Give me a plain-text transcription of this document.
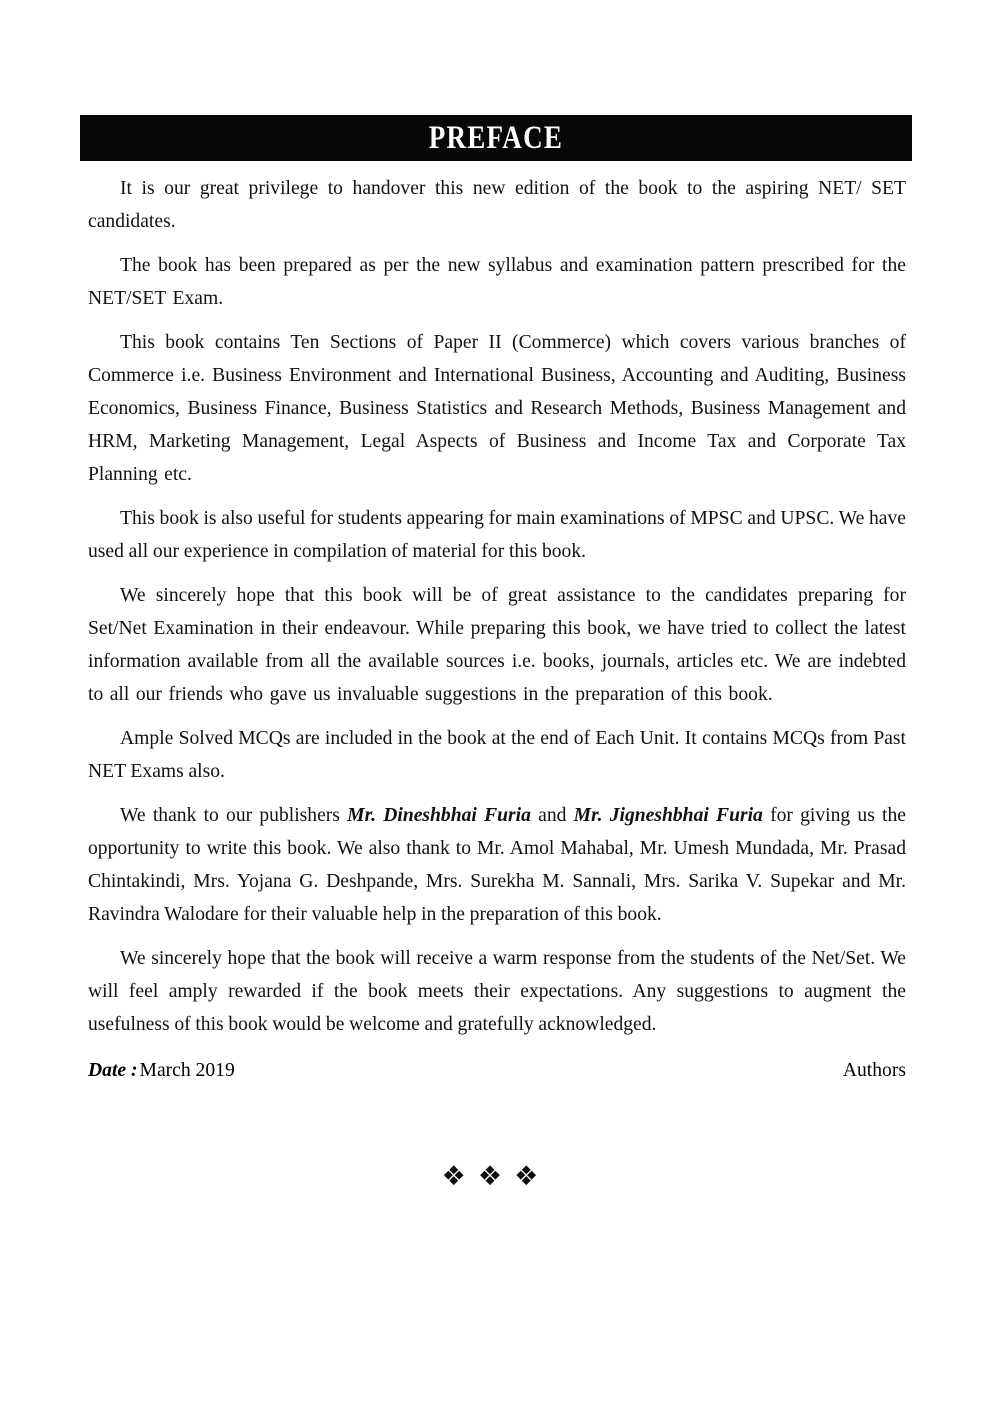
PREFACE

It is our great privilege to handover this new edition of the book to the aspiring NET/ SET candidates.

The book has been prepared as per the new syllabus and examination pattern prescribed for the NET/SET Exam.

This book contains Ten Sections of Paper II (Commerce) which covers various branches of Commerce i.e. Business Environment and International Business, Accounting and Auditing, Business Economics, Business Finance, Business Statistics and Research Methods, Business Management and HRM, Marketing Management, Legal Aspects of Business and Income Tax and Corporate Tax Planning etc.

This book is also useful for students appearing for main examinations of MPSC and UPSC. We have used all our experience in compilation of material for this book.

We sincerely hope that this book will be of great assistance to the candidates preparing for Set/Net Examination in their endeavour. While preparing this book, we have tried to collect the latest information available from all the available sources i.e. books, journals, articles etc. We are indebted to all our friends who gave us invaluable suggestions in the preparation of this book.

Ample Solved MCQs are included in the book at the end of Each Unit. It contains MCQs from Past NET Exams also.

We thank to our publishers Mr. Dineshbhai Furia and Mr. Jigneshbhai Furia for giving us the opportunity to write this book. We also thank to Mr. Amol Mahabal, Mr. Umesh Mundada, Mr. Prasad Chintakindi, Mrs. Yojana G. Deshpande, Mrs. Surekha M. Sannali, Mrs. Sarika V. Supekar and Mr. Ravindra Walodare for their valuable help in the preparation of this book.

We sincerely hope that the book will receive a warm response from the students of the Net/Set. We will feel amply rewarded if the book meets their expectations. Any suggestions to augment the usefulness of this book would be welcome and gratefully acknowledged.

Date : March 2019	Authors
❖❖❖
